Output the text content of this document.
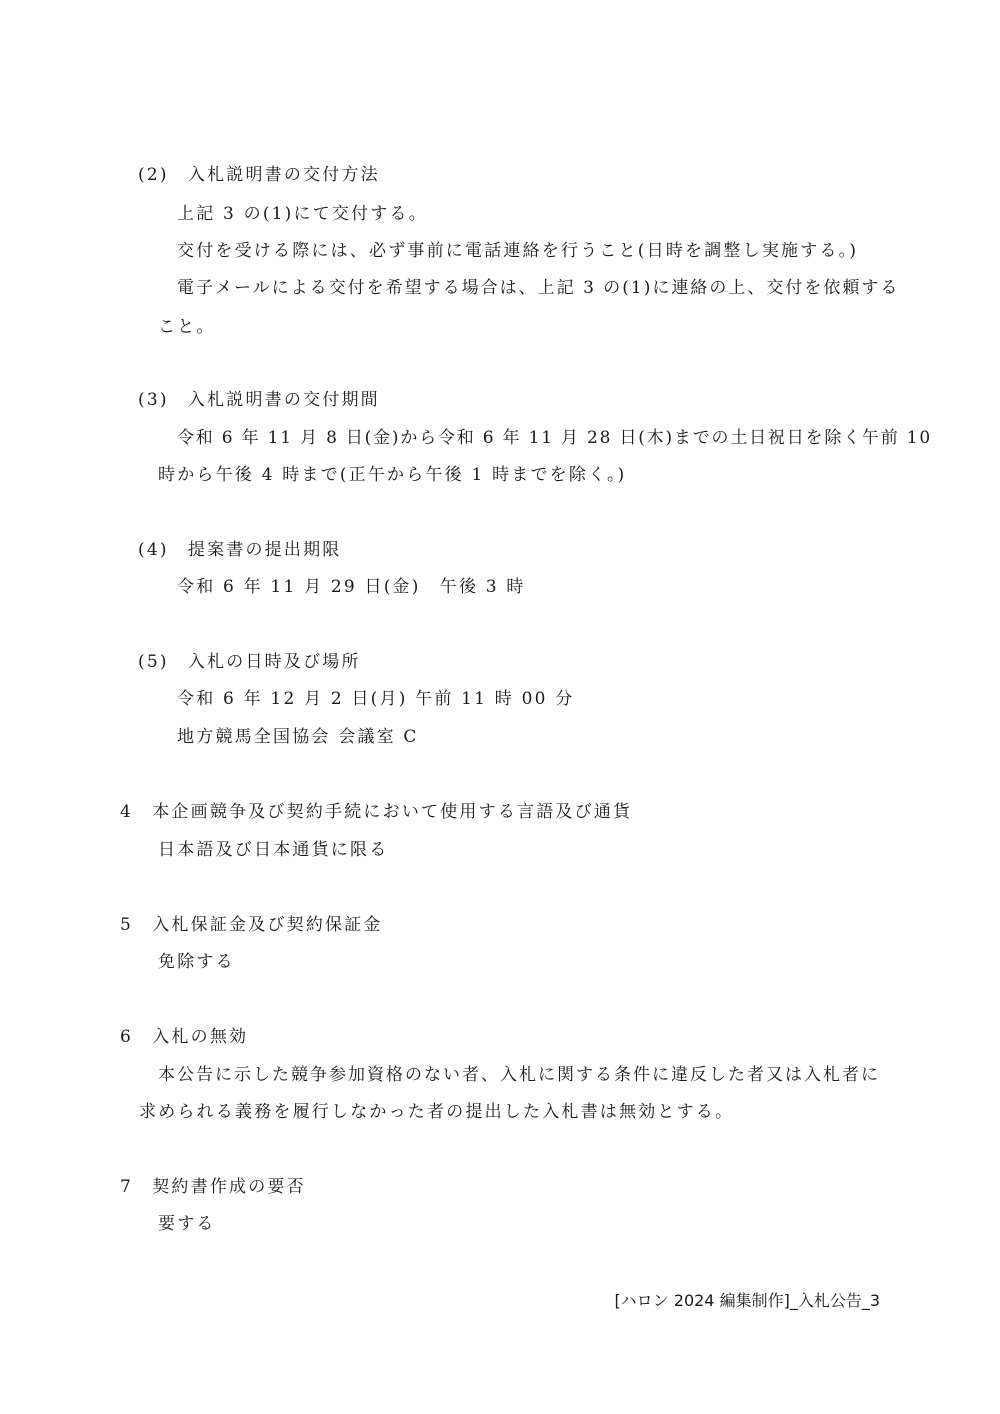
(2)　入札説明書の交付方法
上記 3 の(1)にて交付する。
交付を受ける際には、必ず事前に電話連絡を行うこと(日時を調整し実施する。)
電子メールによる交付を希望する場合は、上記 3 の(1)に連絡の上、交付を依頼する
こと。
(3)　入札説明書の交付期間
令和 6 年 11 月 8 日(金)から令和 6 年 11 月 28 日(木)までの土日祝日を除く午前 10
時から午後 4 時まで(正午から午後 1 時までを除く。)
(4)　提案書の提出期限
令和 6 年 11 月 29 日(金)　午後 3 時
(5)　入札の日時及び場所
令和 6 年 12 月 2 日(月) 午前 11 時 00 分
地方競馬全国協会 会議室 C
4　本企画競争及び契約手続において使用する言語及び通貨
日本語及び日本通貨に限る
5　入札保証金及び契約保証金
免除する
6　入札の無効
本公告に示した競争参加資格のない者、入札に関する条件に違反した者又は入札者に
求められる義務を履行しなかった者の提出した入札書は無効とする。
7　契約書作成の要否
要する
[ハロン 2024 編集制作]_入札公告_3
